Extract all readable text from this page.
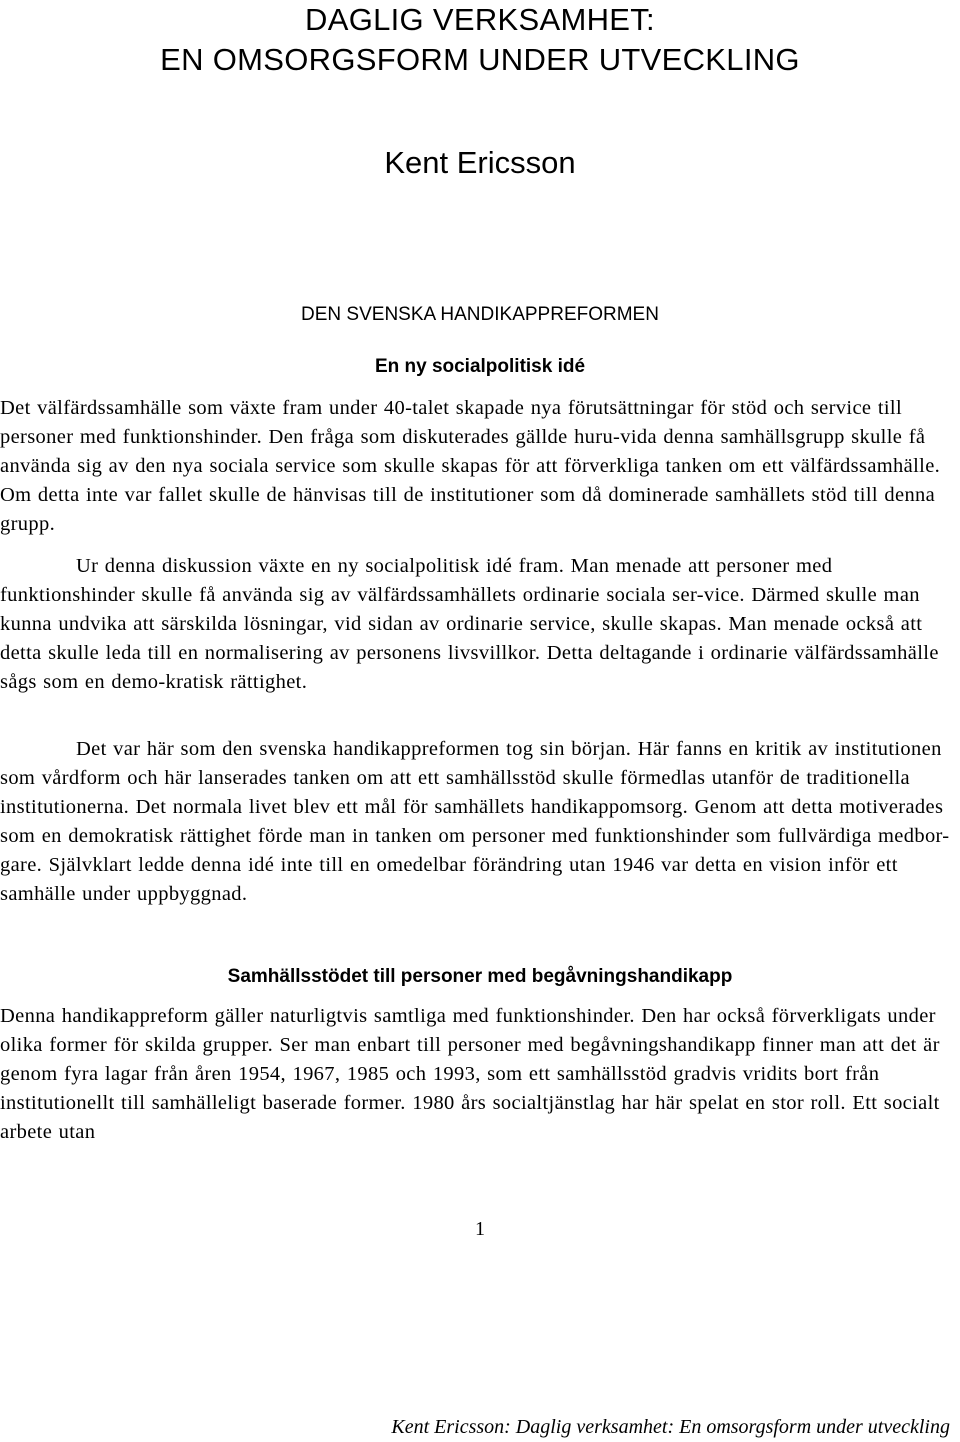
DAGLIG VERKSAMHET:
EN OMSORGSFORM UNDER UTVECKLING
Kent Ericsson
DEN SVENSKA HANDIKAPPREFORMEN
En ny socialpolitisk idé

Det välfärdssamhälle som växte fram under 40-talet skapade nya förutsättningar för stöd och service till personer med funktionshinder. Den fråga som diskuterades gällde huru-vida denna samhällsgrupp skulle få använda sig av den nya sociala service som skulle skapas för att förverkliga tanken om ett välfärdssamhälle. Om detta inte var fallet skulle de hänvisas till de institutioner som då dominerade samhällets stöd till denna grupp.

Ur denna diskussion växte en ny socialpolitisk idé fram. Man menade att personer med funktionshinder skulle få använda sig av välfärdssamhällets ordinarie sociala ser-vice. Därmed skulle man kunna undvika att särskilda lösningar, vid sidan av ordinarie service, skulle skapas. Man menade också att detta skulle leda till en normalisering av personens livsvillkor. Detta deltagande i ordinarie välfärdssamhälle sågs som en demo-kratisk rättighet.

Det var här som den svenska handikappreformen tog sin början. Här fanns en kritik av institutionen som vårdform och här lanserades tanken om att ett samhällsstöd skulle förmedlas utanför de traditionella institutionerna. Det normala livet blev ett mål för samhällets handikappomsorg. Genom att detta motiverades som en demokratisk rättighet förde man in tanken om personer med funktionshinder som fullvärdiga medbor-gare. Självklart ledde denna idé inte till en omedelbar förändring utan 1946 var detta en vision inför ett samhälle under uppbyggnad.

Samhällsstödet till personer med begåvningshandikapp

Denna handikappreform gäller naturligtvis samtliga med funktionshinder. Den har också förverkligats under olika former för skilda grupper. Ser man enbart till personer med begåvningshandikapp finner man att det är genom fyra lagar från åren 1954, 1967, 1985 och 1993, som ett samhällsstöd gradvis vridits bort från institutionellt till samhälleligt baserade former. 1980 års socialtjänstlag har här spelat en stor roll. Ett socialt arbete utan

1
Kent Ericsson: Daglig verksamhet: En omsorgsform under utveckling
